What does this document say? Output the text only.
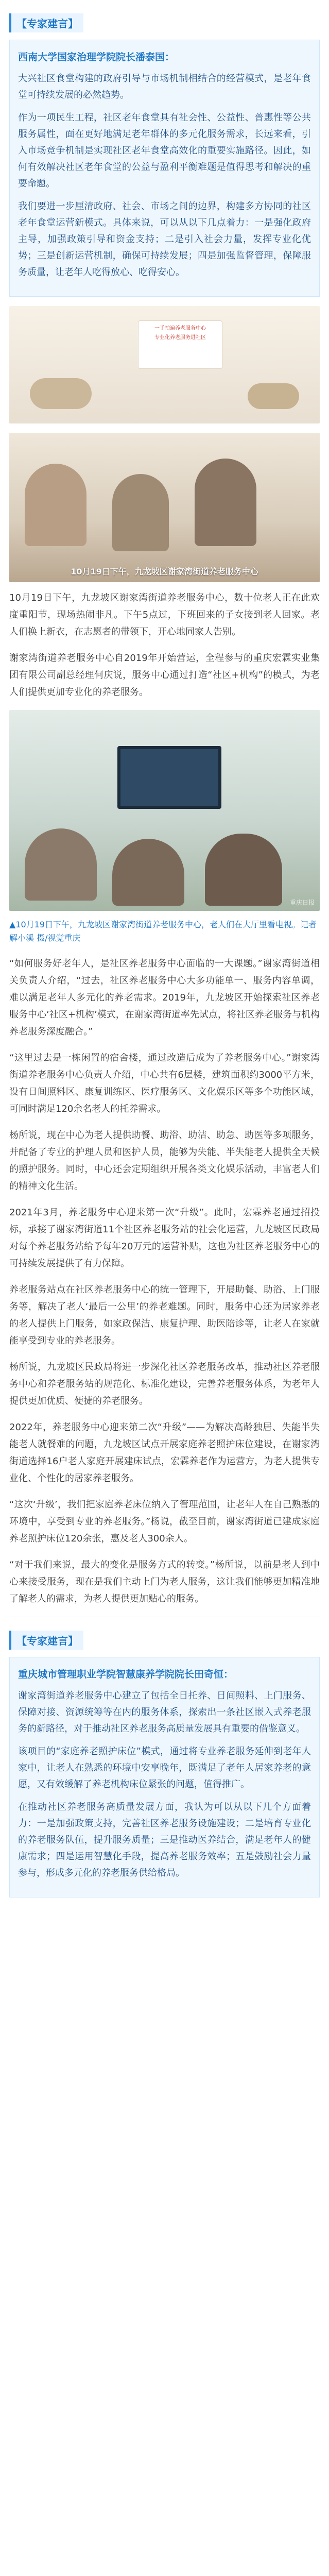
【专家建言】
西南大学国家治理学院院长潘泰国：

大兴社区食堂构建的政府引导与市场机制相结合的经营模式，是老年食堂可持续发展的必然趋势。

作为一项民生工程，社区老年食堂具有社会性、公益性、普惠性等公共服务属性，面在更好地满足老年群体的多元化服务需求，长远来看，引入市场竞争机制是实现社区老年食堂高效化的重要实施路径。因此，如何有效解决社区老年食堂的公益与盈利平衡难题是值得思考和解决的重要命题。

我们要进一步厘清政府、社会、市场之间的边界，构建多方协同的社区老年食堂运营新模式。具体来说，可以从以下几点着力：一是强化政府主导，加强政策引导和资金支持；二是引入社会力量，发挥专业化优势；三是创新运营机制，确保可持续发展；四是加强监督管理，保障服务质量，让老年人吃得放心、吃得安心。

一手拍遍养老服务中心
专业化养老服务进社区
10月19日下午，九龙坡区谢家湾街道养老服务中心

10月19日下午，九龙坡区谢家湾街道养老服务中心，数十位老人正在此欢度重阳节，现场热闹非凡。下午5点过，下班回来的子女接到老人回家。老人们换上新衣，在志愿者的带领下，开心地同家人告别。

谢家湾街道养老服务中心自2019年开始营运，全程参与的重庆宏霖实业集团有限公司副总经理何庆说，服务中心通过打造“社区+机构”的模式，为老人们提供更加专业化的养老服务。

重庆日报
▲10月19日下午，九龙坡区谢家湾街道养老服务中心，老人们在大厅里看电视。记者 解小溪 摄/视觉重庆

“如何服务好老年人，是社区养老服务中心面临的一大课题。”谢家湾街道相关负责人介绍，“过去，社区养老服务中心大多功能单一、服务内容单调，难以满足老年人多元化的养老需求。2019年，九龙坡区开始探索社区养老服务中心‘社区+机构’模式，在谢家湾街道率先试点，将社区养老服务与机构养老服务深度融合。”

“这里过去是一栋闲置的宿舍楼，通过改造后成为了养老服务中心。”谢家湾街道养老服务中心负责人介绍，中心共有6层楼，建筑面积约3000平方米，设有日间照料区、康复训练区、医疗服务区、文化娱乐区等多个功能区域，可同时满足120余名老人的托养需求。

杨所说，现在中心为老人提供助餐、助浴、助洁、助急、助医等多项服务，并配备了专业的护理人员和医护人员，能够为失能、半失能老人提供全天候的照护服务。同时，中心还会定期组织开展各类文化娱乐活动，丰富老人们的精神文化生活。

2021年3月，养老服务中心迎来第一次“升级”。此时，宏霖养老通过招投标，承接了谢家湾街道11个社区养老服务站的社会化运营，九龙坡区民政局对每个养老服务站给予每年20万元的运营补贴，这也为社区养老服务中心的可持续发展提供了有力保障。

养老服务站点在社区养老服务中心的统一管理下，开展助餐、助浴、上门服务等，解决了老人‘最后一公里’的养老难题。同时，服务中心还为居家养老的老人提供上门服务，如家政保洁、康复护理、助医陪诊等，让老人在家就能享受到专业的养老服务。

杨所说，九龙坡区民政局将进一步深化社区养老服务改革，推动社区养老服务中心和养老服务站的规范化、标准化建设，完善养老服务体系，为老年人提供更加优质、便捷的养老服务。

2022年，养老服务中心迎来第二次“升级”——为解决高龄独居、失能半失能老人就餐难的问题，九龙坡区试点开展家庭养老照护床位建设，在谢家湾街道选择16户老人家庭开展建床试点，宏霖养老作为运营方，为老人提供专业化、个性化的居家养老服务。

“这次‘升级’，我们把家庭养老床位纳入了管理范围，让老年人在自己熟悉的环境中，享受到专业的养老服务。”杨说，截至目前，谢家湾街道已建成家庭养老照护床位120余张，惠及老人300余人。

“对于我们来说，最大的变化是服务方式的转变。”杨所说，以前是老人到中心来接受服务，现在是我们主动上门为老人服务，这让我们能够更加精准地了解老人的需求，为老人提供更加贴心的服务。

【专家建言】
重庆城市管理职业学院智慧康养学院院长田奇恒：

谢家湾街道养老服务中心建立了包括全日托养、日间照料、上门服务、保障对接、资源统筹等在内的服务体系，探索出一条社区嵌入式养老服务的新路径，对于推动社区养老服务高质量发展具有重要的借鉴意义。

该项目的“家庭养老照护床位”模式，通过将专业养老服务延伸到老年人家中，让老人在熟悉的环境中安享晚年，既满足了老年人居家养老的意愿，又有效缓解了养老机构床位紧张的问题，值得推广。

在推动社区养老服务高质量发展方面，我认为可以从以下几个方面着力：一是加强政策支持，完善社区养老服务设施建设；二是培育专业化的养老服务队伍，提升服务质量；三是推动医养结合，满足老年人的健康需求；四是运用智慧化手段，提高养老服务效率；五是鼓励社会力量参与，形成多元化的养老服务供给格局。
